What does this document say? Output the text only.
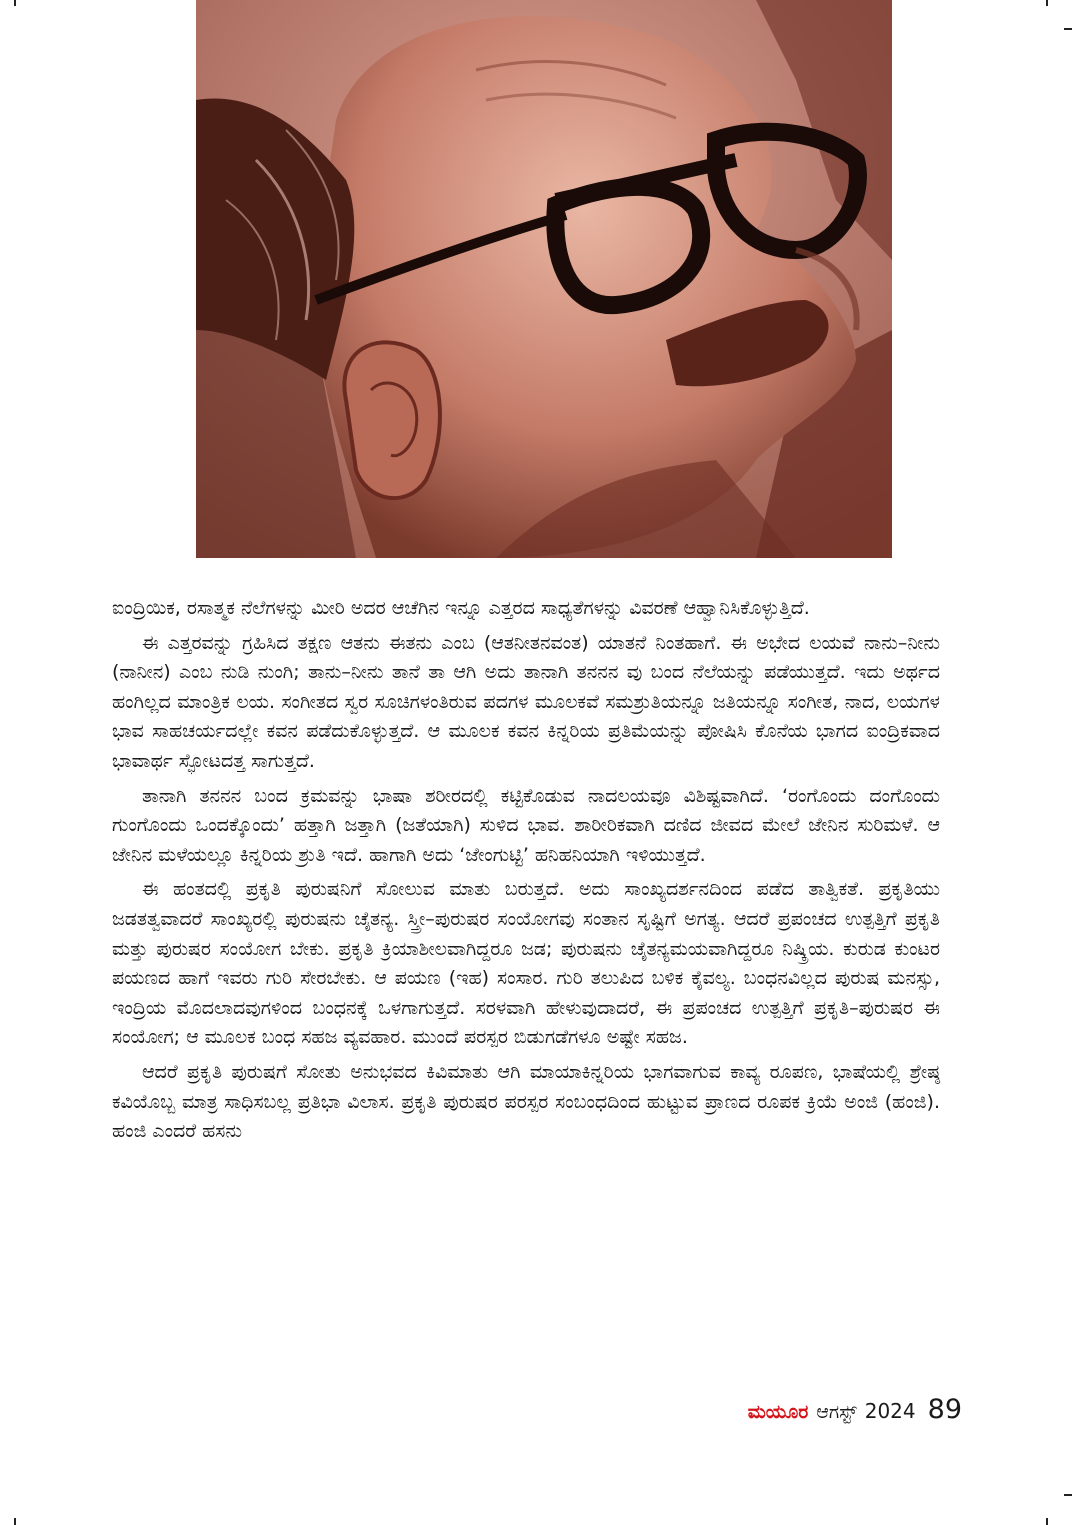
ಐಂದ್ರಿಯಿಕ, ರಸಾತ್ಮಕ ನೆಲೆಗಳನ್ನು ಮೀರಿ ಅದರ ಆಚೆಗಿನ ಇನ್ನೂ ಎತ್ತರದ ಸಾಧ್ಯತೆಗಳನ್ನು ವಿವರಣೆ ಆಹ್ವಾನಿಸಿಕೊಳ್ಳುತ್ತಿದೆ.

ಈ ಎತ್ತರವನ್ನು ಗ್ರಹಿಸಿದ ತಕ್ಷಣ ಆತನು ಈತನು ಎಂಬ (ಆತನೀತನವಂತ) ಯಾತನೆ ನಿಂತಹಾಗೆ. ಈ ಅಭೇದ ಲಯವೆ ನಾನು–ನೀನು (ನಾನೀನ) ಎಂಬ ನುಡಿ ನುಂಗಿ; ತಾನು–ನೀನು ತಾನೆ ತಾ ಆಗಿ ಅದು ತಾನಾಗಿ ತನನನ ವು ಬಂದ ನೆಲೆಯನ್ನು ಪಡೆಯುತ್ತದೆ. ಇದು ಅರ್ಥದ ಹಂಗಿಲ್ಲದ ಮಾಂತ್ರಿಕ ಲಯ. ಸಂಗೀತದ ಸ್ವರ ಸೂಚಿಗಳಂತಿರುವ ಪದಗಳ ಮೂಲಕವೆ ಸಮಶ್ರುತಿಯನ್ನೂ ಜತಿಯನ್ನೂ ಸಂಗೀತ, ನಾದ, ಲಯಗಳ ಭಾವ ಸಾಹಚರ್ಯದಲ್ಲೇ ಕವನ ಪಡೆದುಕೊಳ್ಳುತ್ತದೆ. ಆ ಮೂಲಕ ಕವನ ಕಿನ್ನರಿಯ ಪ್ರತಿಮೆಯನ್ನು ಪೋಷಿಸಿ ಕೊನೆಯ ಭಾಗದ ಐಂದ್ರಿಕವಾದ ಭಾವಾರ್ಥ ಸ್ಫೋಟದತ್ತ ಸಾಗುತ್ತದೆ.

ತಾನಾಗಿ ತನನನ ಬಂದ ಕ್ರಮವನ್ನು ಭಾಷಾ ಶರೀರದಲ್ಲಿ ಕಟ್ಟಿಕೊಡುವ ನಾದಲಯವೂ ವಿಶಿಷ್ಟವಾಗಿದೆ. ‘ರಂಗೊಂದು ದಂಗೊಂದು ಗುಂಗೊಂದು ಒಂದಕ್ಕೊಂದು’ ಹತ್ತಾಗಿ ಜತ್ತಾಗಿ (ಜತೆಯಾಗಿ) ಸುಳಿದ ಭಾವ. ಶಾರೀರಿಕವಾಗಿ ದಣಿದ ಜೀವದ ಮೇಲೆ ಜೇನಿನ ಸುರಿಮಳೆ. ಆ ಜೇನಿನ ಮಳೆಯಲ್ಲೂ ಕಿನ್ನರಿಯ ಶ್ರುತಿ ಇದೆ. ಹಾಗಾಗಿ ಅದು ‘ಜೇಂಗುಟ್ಟಿ’ ಹನಿಹನಿಯಾಗಿ ಇಳಿಯುತ್ತದೆ.

ಈ ಹಂತದಲ್ಲಿ ಪ್ರಕೃತಿ ಪುರುಷನಿಗೆ ಸೋಲುವ ಮಾತು ಬರುತ್ತದೆ. ಅದು ಸಾಂಖ್ಯದರ್ಶನದಿಂದ ಪಡೆದ ತಾತ್ವಿಕತೆ. ಪ್ರಕೃತಿಯು ಜಡತತ್ವವಾದರೆ ಸಾಂಖ್ಯರಲ್ಲಿ ಪುರುಷನು ಚೈತನ್ಯ. ಸ್ತ್ರೀ–ಪುರುಷರ ಸಂಯೋಗವು ಸಂತಾನ ಸೃಷ್ಟಿಗೆ ಅಗತ್ಯ. ಆದರೆ ಪ್ರಪಂಚದ ಉತ್ಪತ್ತಿಗೆ ಪ್ರಕೃತಿ ಮತ್ತು ಪುರುಷರ ಸಂಯೋಗ ಬೇಕು. ಪ್ರಕೃತಿ ಕ್ರಿಯಾಶೀಲವಾಗಿದ್ದರೂ ಜಡ; ಪುರುಷನು ಚೈತನ್ಯಮಯವಾಗಿದ್ದರೂ ನಿಷ್ಕ್ರಿಯ. ಕುರುಡ ಕುಂಟರ ಪಯಣದ ಹಾಗೆ ಇವರು ಗುರಿ ಸೇರಬೇಕು. ಆ ಪಯಣ (ಇಹ) ಸಂಸಾರ. ಗುರಿ ತಲುಪಿದ ಬಳಿಕ ಕೈವಲ್ಯ. ಬಂಧನವಿಲ್ಲದ ಪುರುಷ ಮನಸ್ಸು, ಇಂದ್ರಿಯ ಮೊದಲಾದವುಗಳಿಂದ ಬಂಧನಕ್ಕೆ ಒಳಗಾಗುತ್ತದೆ. ಸರಳವಾಗಿ ಹೇಳುವುದಾದರೆ, ಈ ಪ್ರಪಂಚದ ಉತ್ಪತ್ತಿಗೆ ಪ್ರಕೃತಿ–ಪುರುಷರ ಈ ಸಂಯೋಗ; ಆ ಮೂಲಕ ಬಂಧ ಸಹಜ ವ್ಯವಹಾರ. ಮುಂದೆ ಪರಸ್ಪರ ಬಿಡುಗಡೆಗಳೂ ಅಷ್ಟೇ ಸಹಜ.

ಆದರೆ ಪ್ರಕೃತಿ ಪುರುಷಗೆ ಸೋತು ಅನುಭವದ ಕಿವಿಮಾತು ಆಗಿ ಮಾಯಾಕಿನ್ನರಿಯ ಭಾಗವಾಗುವ ಕಾವ್ಯ ರೂಪಣ, ಭಾಷೆಯಲ್ಲಿ ಶ್ರೇಷ್ಠ ಕವಿಯೊಬ್ಬ ಮಾತ್ರ ಸಾಧಿಸಬಲ್ಲ ಪ್ರತಿಭಾ ವಿಲಾಸ. ಪ್ರಕೃತಿ ಪುರುಷರ ಪರಸ್ಪರ ಸಂಬಂಧದಿಂದ ಹುಟ್ಟುವ ಪ್ರಾಣದ ರೂಪಕ ಕ್ರಿಯೆ ಅಂಜಿ (ಹಂಜಿ). ಹಂಜಿ ಎಂದರೆ ಹಸನು

ಮಯೂರ ಆಗಸ್ಟ್ 2024 89
